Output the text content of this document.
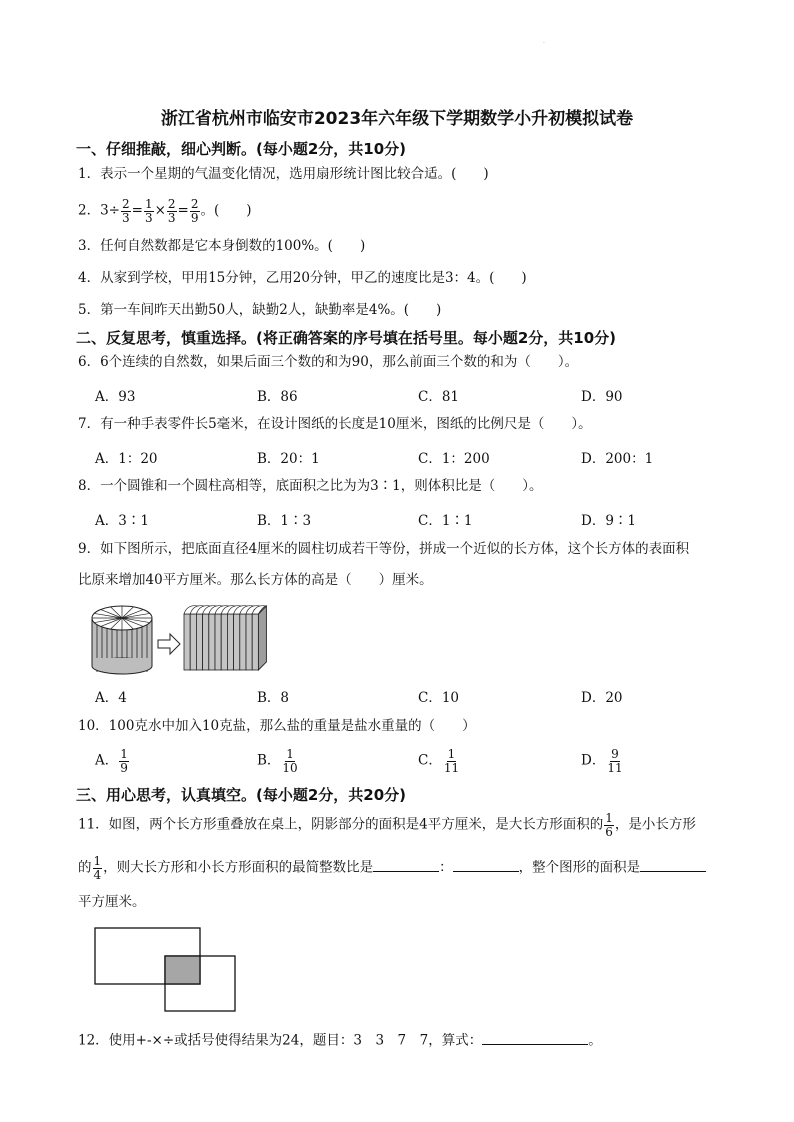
·
浙江省杭州市临安市2023年六年级下学期数学小升初模拟试卷
一、仔细推敲，细心判断。(每小题2分，共10分)
1．表示一个星期的气温变化情况，选用扇形统计图比较合适。(　　)
2．$3\div \frac{2}{3} = \frac{1}{3} \times \frac{2}{3} = \frac{2}{9}$ 。(　　)
3．任何自然数都是它本身倒数的100%。(　　)
4．从家到学校，甲用15分钟，乙用20分钟，甲乙的速度比是3：4。(　　)
5．第一车间昨天出勤50人，缺勤2人，缺勤率是4%。(　　)
二、反复思考，慎重选择。(将正确答案的序号填在括号里。每小题2分，共10分)
6．6个连续的自然数，如果后面三个数的和为90，那么前面三个数的和为（　　）。
A．93	B．86	C．81	D．90
7．有一种手表零件长5毫米，在设计图纸的长度是10厘米，图纸的比例尺是（　　）。
A．1：20	B．20：1	C．1：200	D．200：1
8．一个圆锥和一个圆柱高相等，底面积之比为为3∶1，则体积比是（　　）。
A．3∶1	B．1∶3	C．1∶1	D．9∶1
9．如下图所示，把底面直径4厘米的圆柱切成若干等份，拼成一个近似的长方体，这个长方体的表面积
比原来增加40平方厘米。那么长方体的高是（　　）厘米。
A．4	B．8	C．10	D．20
10．100克水中加入10克盐，那么盐的重量是盐水重量的（　　）
A． $\frac{1}{9}$	B． $\frac{1}{10}$	C． $\frac{1}{11}$	D． $\frac{9}{11}$
三、用心思考，认真填空。(每小题2分，共20分)
11．如图，两个长方形重叠放在桌上，阴影部分的面积是4平方厘米，是大长方形面积的 $\frac{1}{6}$ ，是小长方形
的 $\frac{1}{4}$ ，则大长方形和小长方形面积的最简整数比是	：	，整个图形的面积是
平方厘米。
12．使用+-×÷或括号使得结果为24，题目：3　3　7　7，算式：	。
